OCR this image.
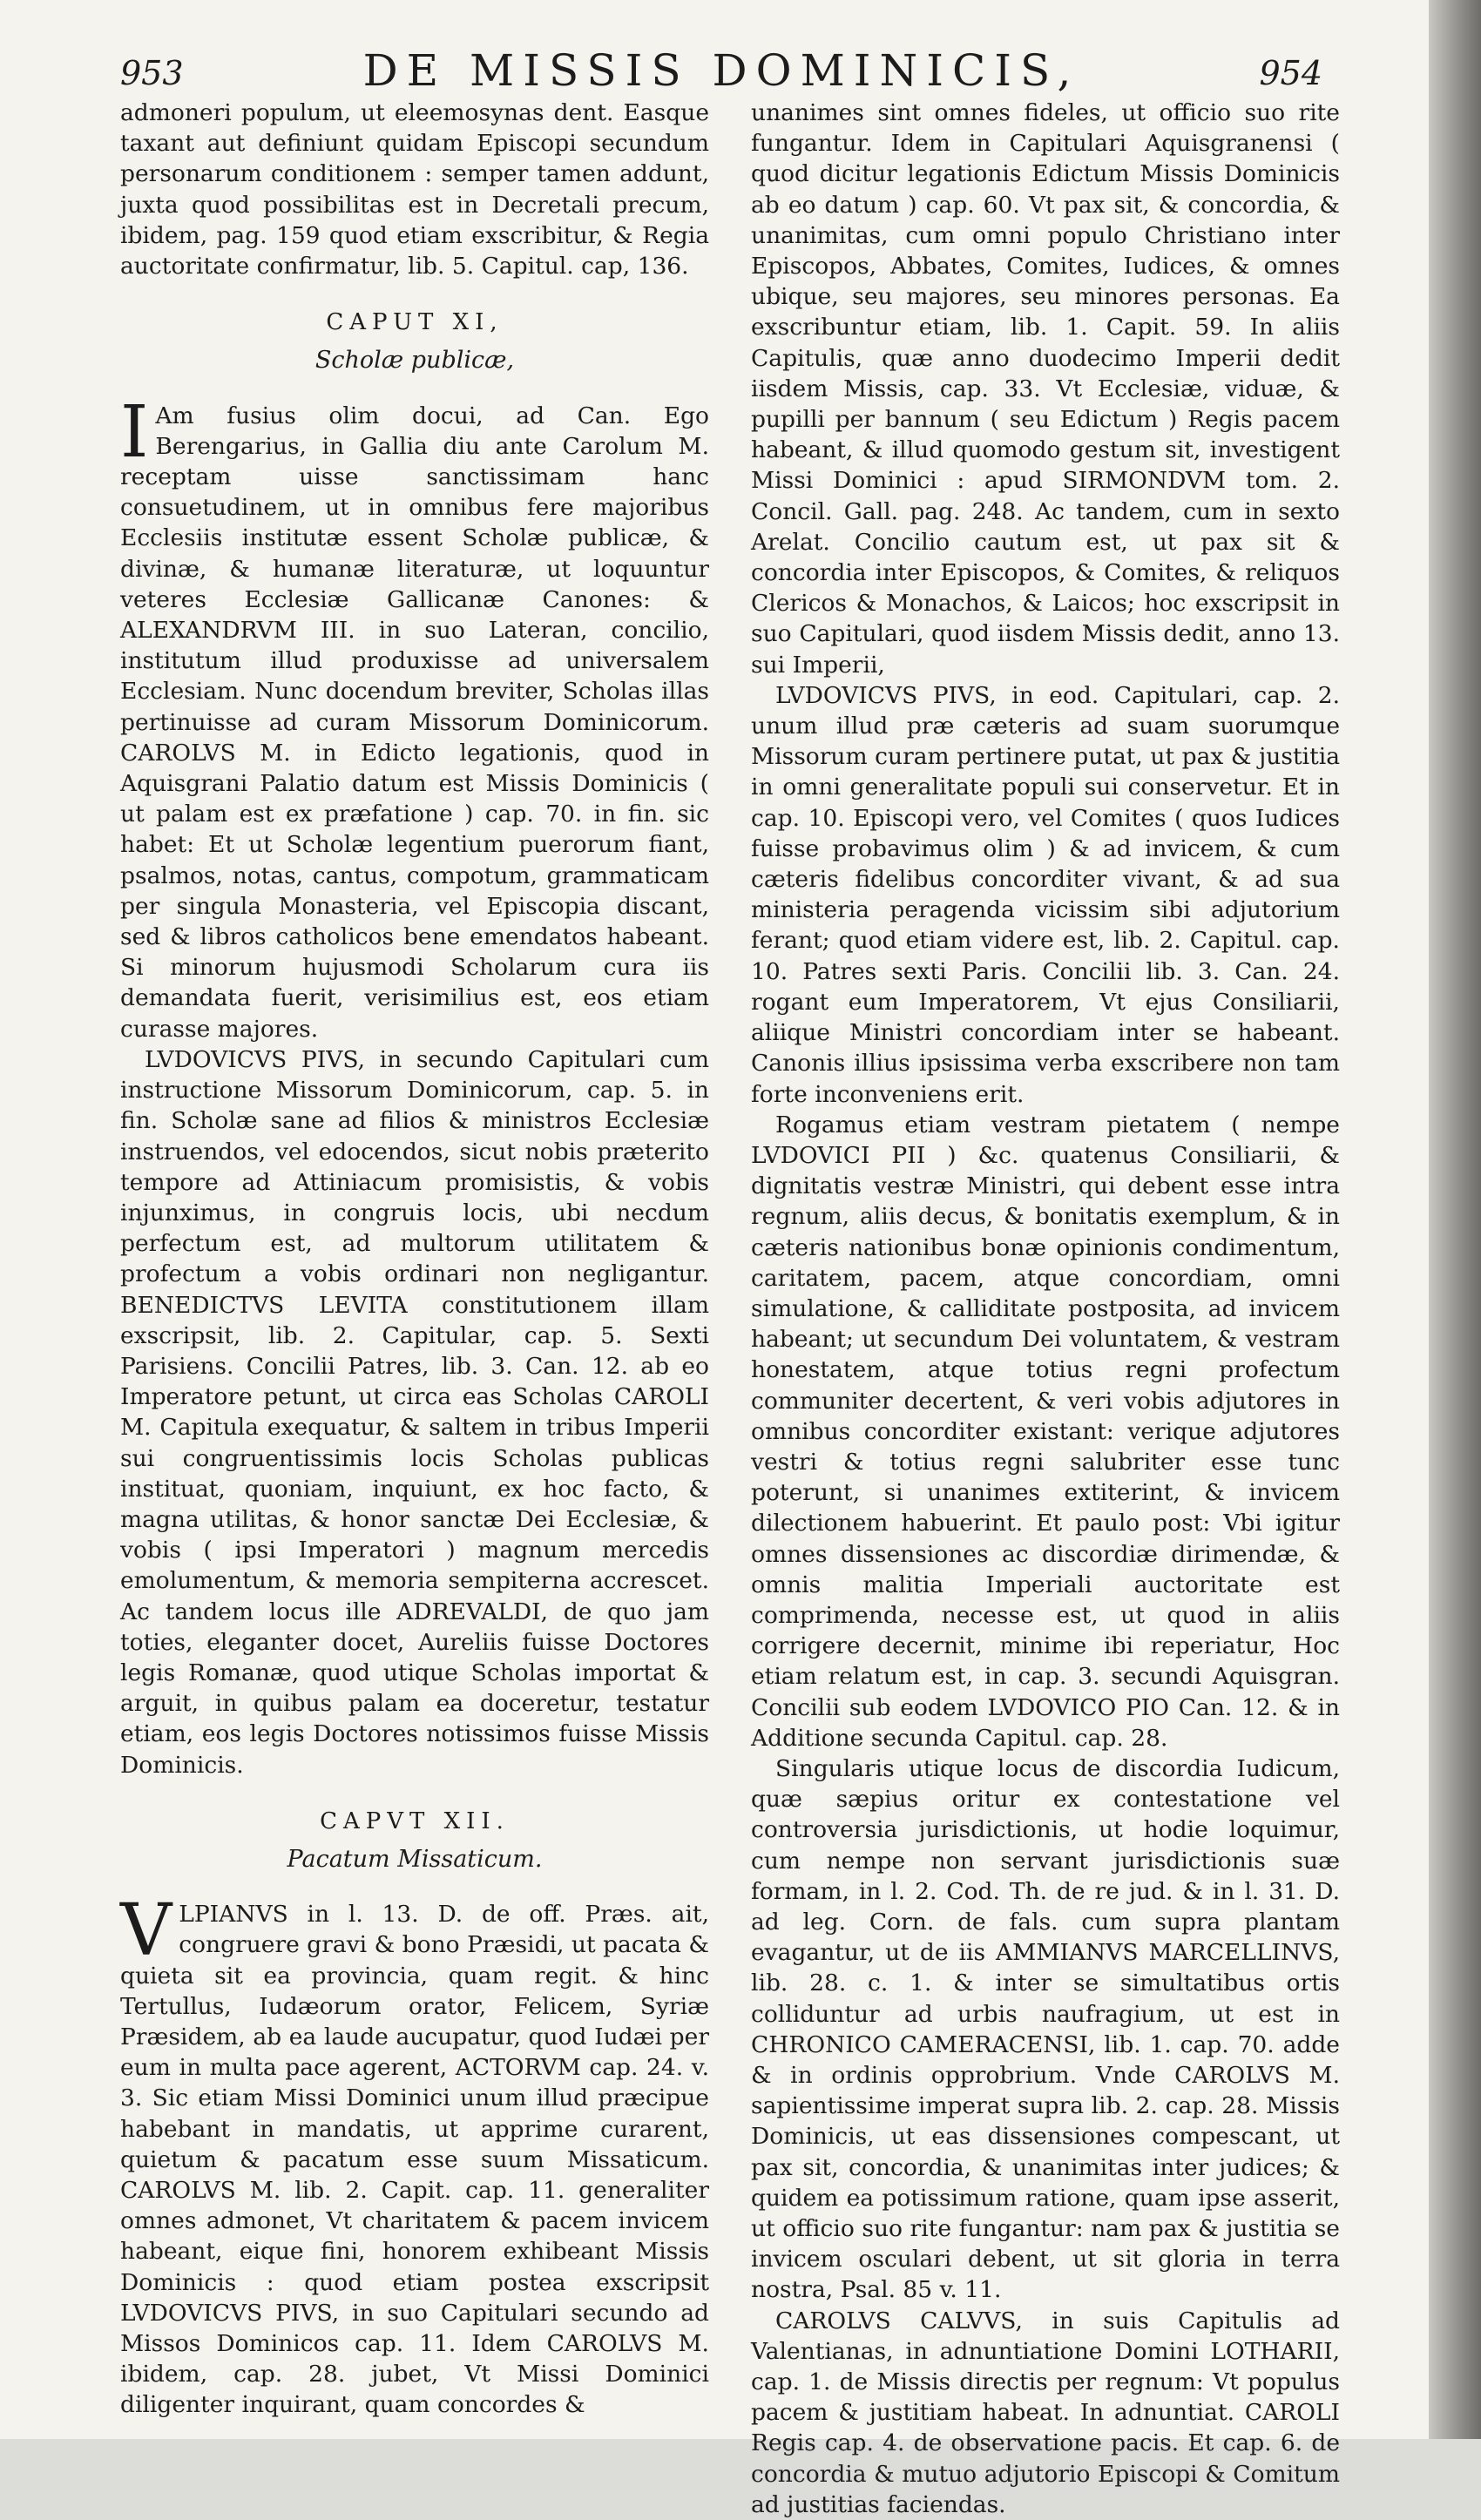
953	DE MISSIS DOMINICIS,	954

admoneri populum, ut eleemosynas dent. Easque taxant aut definiunt quidam Episcopi secundum personarum conditionem : semper tamen addunt, juxta quod possibilitas est in Decretali precum, ibidem, pag. 159 quod etiam exscribitur, & Regia auctoritate confirmatur, lib. 5. Capitul. cap, 136.

CAPUT XI,
Scholæ publicæ,

I Am fusius olim docui, ad Can. Ego Berengarius, in Gallia diu ante Carolum M. receptam uisse sanctissimam hanc consuetudinem, ut in omnibus fere majoribus Ecclesiis institutæ essent Scholæ publicæ, & divinæ, & humanæ literaturæ, ut loquuntur veteres Ecclesiæ Gallicanæ Canones: & ALEXANDRVM III. in suo Lateran, concilio, institutum illud produxisse ad universalem Ecclesiam. Nunc docendum breviter, Scholas illas pertinuisse ad curam Missorum Dominicorum. CAROLVS M. in Edicto legationis, quod in Aquisgrani Palatio datum est Missis Dominicis ( ut palam est ex præfatione ) cap. 70. in fin. sic habet: Et ut Scholæ legentium puerorum fiant, psalmos, notas, cantus, compotum, grammaticam per singula Monasteria, vel Episcopia discant, sed & libros catholicos bene emendatos habeant. Si minorum hujusmodi Scholarum cura iis demandata fuerit, verisimilius est, eos etiam curasse majores.

LVDOVICVS PIVS, in secundo Capitulari cum instructione Missorum Dominicorum, cap. 5. in fin. Scholæ sane ad filios & ministros Ecclesiæ instruendos, vel edocendos, sicut nobis præterito tempore ad Attiniacum promisistis, & vobis injunximus, in congruis locis, ubi necdum perfectum est, ad multorum utilitatem & profectum a vobis ordinari non negligantur. BENEDICTVS LEVITA constitutionem illam exscripsit, lib. 2. Capitular, cap. 5. Sexti Parisiens. Concilii Patres, lib. 3. Can. 12. ab eo Imperatore petunt, ut circa eas Scholas CAROLI M. Capitula exequatur, & saltem in tribus Imperii sui congruentissimis locis Scholas publicas instituat, quoniam, inquiunt, ex hoc facto, & magna utilitas, & honor sanctæ Dei Ecclesiæ, & vobis ( ipsi Imperatori ) magnum mercedis emolumentum, & memoria sempiterna accrescet. Ac tandem locus ille ADREVALDI, de quo jam toties, eleganter docet, Aureliis fuisse Doctores legis Romanæ, quod utique Scholas importat & arguit, in quibus palam ea doceretur, testatur etiam, eos legis Doctores notissimos fuisse Missis Dominicis.

CAPVT XII.
Pacatum Missaticum.

VLPIANVS in l. 13. D. de off. Præs. ait, congruere gravi & bono Præsidi, ut pacata & quieta sit ea provincia, quam regit. & hinc Tertullus, Iudæorum orator, Felicem, Syriæ Præsidem, ab ea laude aucupatur, quod Iudæi per eum in multa pace agerent, ACTORVM cap. 24. v. 3. Sic etiam Missi Dominici unum illud præcipue habebant in mandatis, ut apprime curarent, quietum & pacatum esse suum Missaticum. CAROLVS M. lib. 2. Capit. cap. 11. generaliter omnes admonet, Vt charitatem & pacem invicem habeant, eique fini, honorem exhibeant Missis Dominicis : quod etiam postea exscripsit LVDOVICVS PIVS, in suo Capitulari secundo ad Missos Dominicos cap. 11. Idem CAROLVS M. ibidem, cap. 28. jubet, Vt Missi Dominici diligenter inquirant, quam concordes &

unanimes sint omnes fideles, ut officio suo rite fungantur. Idem in Capitulari Aquisgranensi ( quod dicitur legationis Edictum Missis Dominicis ab eo datum ) cap. 60. Vt pax sit, & concordia, & unanimitas, cum omni populo Christiano inter Episcopos, Abbates, Comites, Iudices, & omnes ubique, seu majores, seu minores personas. Ea exscribuntur etiam, lib. 1. Capit. 59. In aliis Capitulis, quæ anno duodecimo Imperii dedit iisdem Missis, cap. 33. Vt Ecclesiæ, viduæ, & pupilli per bannum ( seu Edictum ) Regis pacem habeant, & illud quomodo gestum sit, investigent Missi Dominici : apud SIRMONDVM tom. 2. Concil. Gall. pag. 248. Ac tandem, cum in sexto Arelat. Concilio cautum est, ut pax sit & concordia inter Episcopos, & Comites, & reliquos Clericos & Monachos, & Laicos; hoc exscripsit in suo Capitulari, quod iisdem Missis dedit, anno 13. sui Imperii,

LVDOVICVS PIVS, in eod. Capitulari, cap. 2. unum illud præ cæteris ad suam suorumque Missorum curam pertinere putat, ut pax & justitia in omni generalitate populi sui conservetur. Et in cap. 10. Episcopi vero, vel Comites ( quos Iudices fuisse probavimus olim ) & ad invicem, & cum cæteris fidelibus concorditer vivant, & ad sua ministeria peragenda vicissim sibi adjutorium ferant; quod etiam videre est, lib. 2. Capitul. cap. 10. Patres sexti Paris. Concilii lib. 3. Can. 24. rogant eum Imperatorem, Vt ejus Consiliarii, aliique Ministri concordiam inter se habeant. Canonis illius ipsissima verba exscribere non tam forte inconveniens erit.

Rogamus etiam vestram pietatem ( nempe LVDOVICI PII ) &c. quatenus Consiliarii, & dignitatis vestræ Ministri, qui debent esse intra regnum, aliis decus, & bonitatis exemplum, & in cæteris nationibus bonæ opinionis condimentum, caritatem, pacem, atque concordiam, omni simulatione, & calliditate postposita, ad invicem habeant; ut secundum Dei voluntatem, & vestram honestatem, atque totius regni profectum communiter decertent, & veri vobis adjutores in omnibus concorditer existant: verique adjutores vestri & totius regni salubriter esse tunc poterunt, si unanimes extiterint, & invicem dilectionem habuerint. Et paulo post: Vbi igitur omnes dissensiones ac discordiæ dirimendæ, & omnis malitia Imperiali auctoritate est comprimenda, necesse est, ut quod in aliis corrigere decernit, minime ibi reperiatur, Hoc etiam relatum est, in cap. 3. secundi Aquisgran. Concilii sub eodem LVDOVICO PIO Can. 12. & in Additione secunda Capitul. cap. 28.

Singularis utique locus de discordia Iudicum, quæ sæpius oritur ex contestatione vel controversia jurisdictionis, ut hodie loquimur, cum nempe non servant jurisdictionis suæ formam, in l. 2. Cod. Th. de re jud. & in l. 31. D. ad leg. Corn. de fals. cum supra plantam evagantur, ut de iis AMMIANVS MARCELLINVS, lib. 28. c. 1. & inter se simultatibus ortis colliduntur ad urbis naufragium, ut est in CHRONICO CAMERACENSI, lib. 1. cap. 70. adde & in ordinis opprobrium. Vnde CAROLVS M. sapientissime imperat supra lib. 2. cap. 28. Missis Dominicis, ut eas dissensiones compescant, ut pax sit, concordia, & unanimitas inter judices; & quidem ea potissimum ratione, quam ipse asserit, ut officio suo rite fungantur: nam pax & justitia se invicem osculari debent, ut sit gloria in terra nostra, Psal. 85 v. 11.

CAROLVS CALVVS, in suis Capitulis ad Valentianas, in adnuntiatione Domini LOTHARII, cap. 1. de Missis directis per regnum: Vt populus pacem & justitiam habeat. In adnuntiat. CAROLI Regis cap. 4. de observatione pacis. Et cap. 6. de concordia & mutuo adjutorio Episcopi & Comitum ad justitias faciendas.
